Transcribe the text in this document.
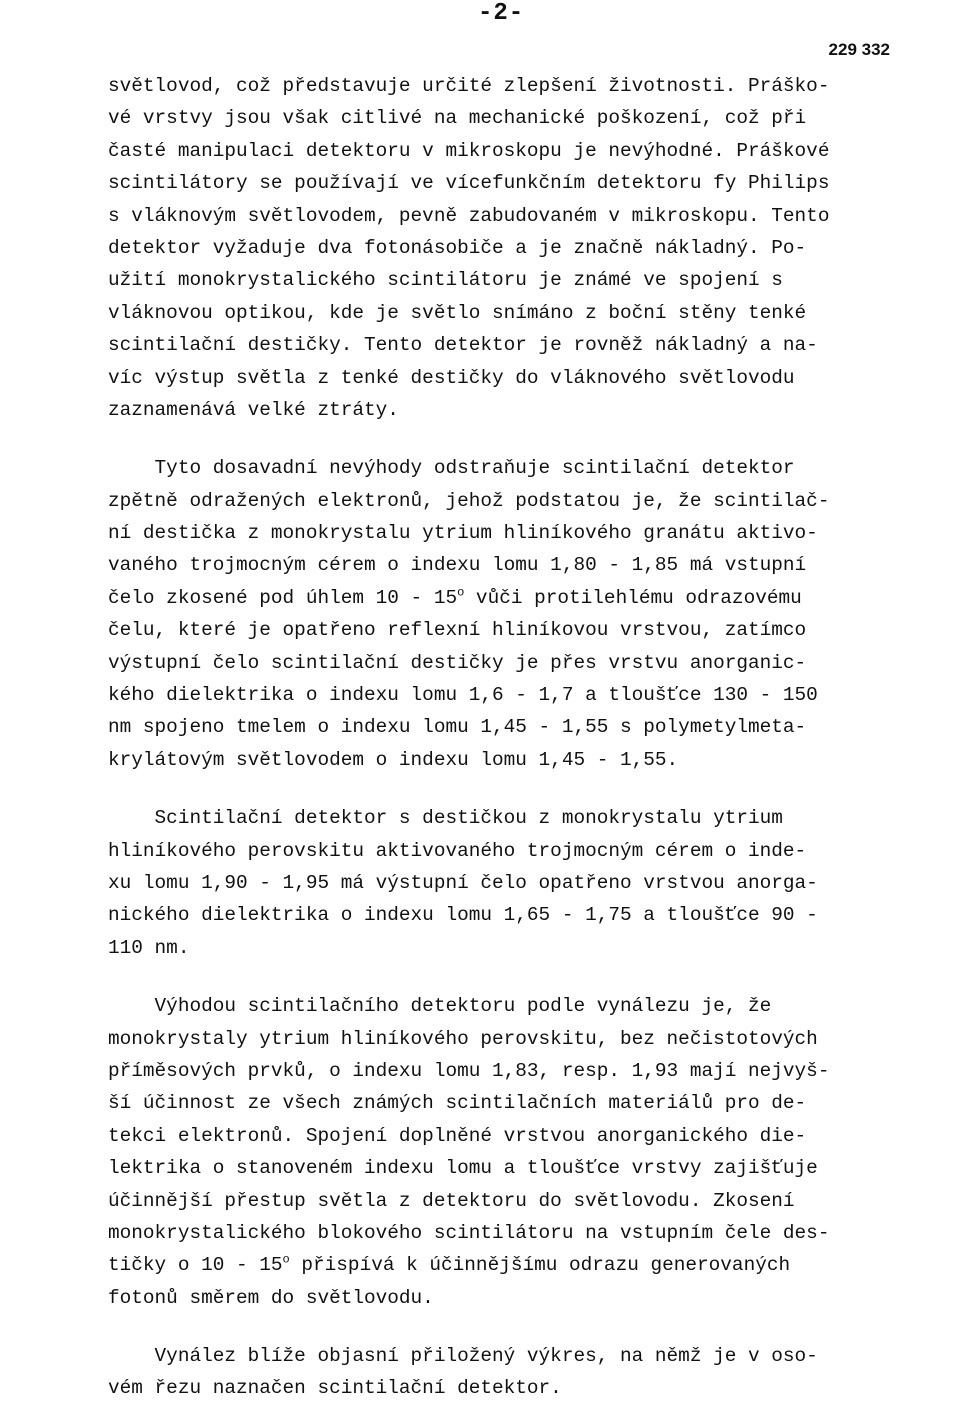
-2-
229 332
světlovod, což představuje určité zlepšení životnosti. Práško-
vé vrstvy jsou však citlivé na mechanické poškození, což při
časté manipulaci detektoru v mikroskopu je nevýhodné. Práškové
scintilátory se používají ve vícefunkčním detektoru fy Philips
s vláknovým světlovodem, pevně zabudovaném v mikroskopu. Tento
detektor vyžaduje dva fotonásobiče a je značně nákladný. Po-
užití monokrystalického scintilátoru je známé ve spojení s
vláknovou optikou, kde je světlo snímáno z boční stěny tenké
scintilační destičky. Tento detektor je rovněž nákladný a na-
víc výstup světla z tenké destičky do vláknového světlovodu
zaznamenává velké ztráty.
Tyto dosavadní nevýhody odstraňuje scintilační detektor
zpětně odražených elektronů, jehož podstatou je, že scintilač-
ní destička z monokrystalu ytrium hliníkového granátu aktivo-
vaného trojmocným cérem o indexu lomu 1,80 - 1,85 má vstupní
čelo zkosené pod úhlem 10 - 15$^o$ vůči protilehlému odrazovému
čelu, které je opatřeno reflexní hliníkovou vrstvou, zatímco
výstupní čelo scintilační destičky je přes vrstvu anorganic-
kého dielektrika o indexu lomu 1,6 - 1,7 a tloušťce 130 - 150
nm spojeno tmelem o indexu lomu 1,45 - 1,55 s polymetylmeta-
krylátovým světlovodem o indexu lomu 1,45 - 1,55.
Scintilační detektor s destičkou z monokrystalu ytrium
hliníkového perovskitu aktivovaného trojmocným cérem o inde-
xu lomu 1,90 - 1,95 má výstupní čelo opatřeno vrstvou anorga-
nického dielektrika o indexu lomu 1,65 - 1,75 a tloušťce 90 -
110 nm.
Výhodou scintilačního detektoru podle vynálezu je, že
monokrystaly ytrium hliníkového perovskitu, bez nečistotových
příměsových prvků, o indexu lomu 1,83, resp. 1,93 mají nejvyš-
ší účinnost ze všech známých scintilačních materiálů pro de-
tekci elektronů. Spojení doplněné vrstvou anorganického die-
lektrika o stanoveném indexu lomu a tloušťce vrstvy zajišťuje
účinnější přestup světla z detektoru do světlovodu. Zkosení
monokrystalického blokového scintilátoru na vstupním čele des-
tičky o 10 - 15$^o$ přispívá k účinnějšímu odrazu generovaných
fotonů směrem do světlovodu.
Vynález blíže objasní přiložený výkres, na němž je v oso-
vém řezu naznačen scintilační detektor.
